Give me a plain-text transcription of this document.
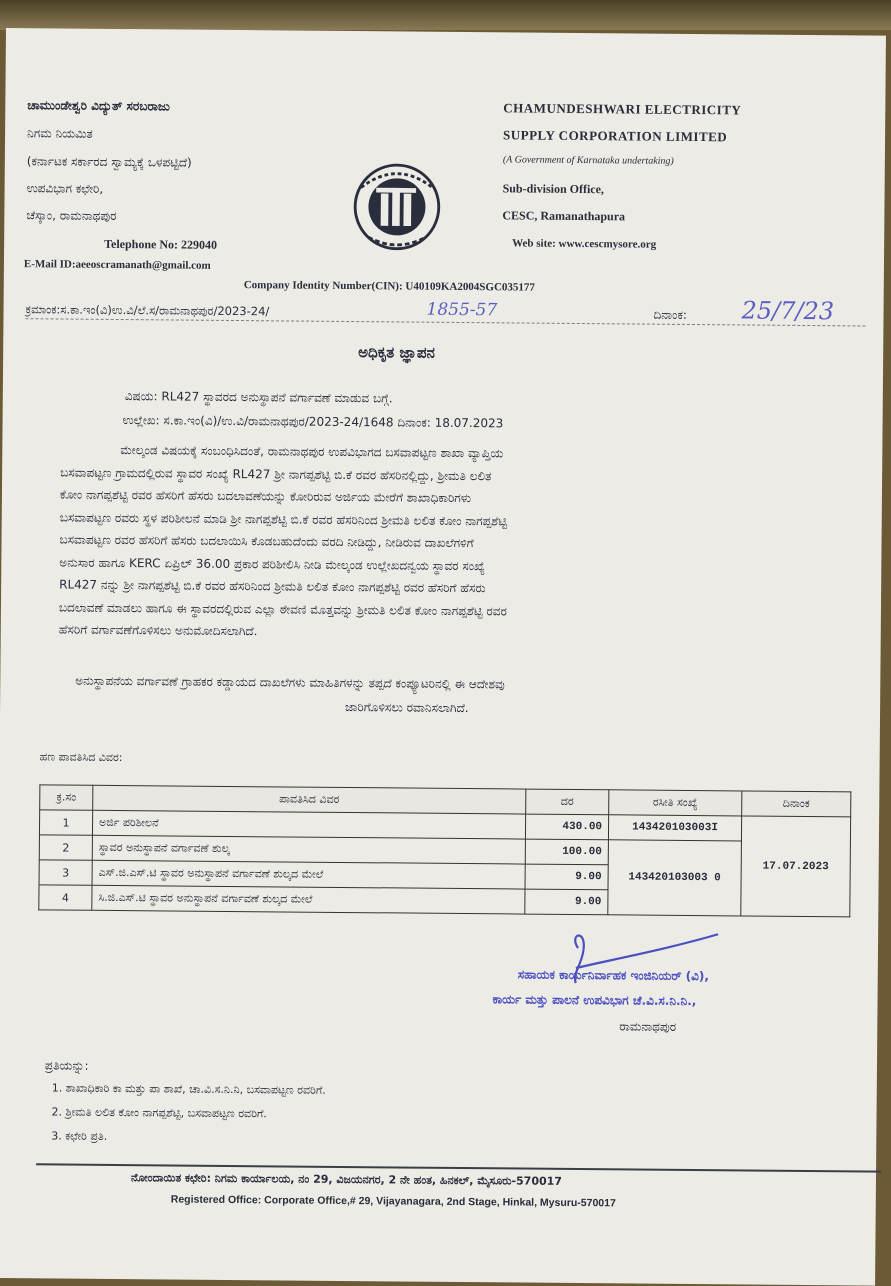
ಚಾಮುಂಡೇಶ್ವರಿ ವಿದ್ಯುತ್ ಸರಬರಾಜು
ನಿಗಮ ನಿಯಮಿತ
(ಕರ್ನಾಟಕ ಸರ್ಕಾರದ ಸ್ವಾಮ್ಯಕ್ಕೆ ಒಳಪಟ್ಟಿದೆ)
ಉಪವಿಭಾಗ ಕಛೇರಿ,
ಚೆಸ್ಕಾಂ, ರಾಮನಾಥಪುರ
Telephone No: 229040
E-Mail ID:aeeoscramanath@gmail.com
CHAMUNDESHWARI ELECTRICITY
SUPPLY CORPORATION LIMITED
(A Government of Karnataka undertaking)
Sub-division Office,
CESC, Ramanathapura
Web site: www.cescmysore.org
Company Identity Number(CIN): U40109KA2004SGC035177
ಕ್ರಮಾಂಕ:ಸ.ಕಾ.ಇಂ(ವಿ)ಉ.ವಿ/ಲೆ.ಸ/ರಾಮನಾಥಪುರ/2023-24/	1855-57	ದಿನಾಂಕ: 25/7/23
ಅಧಿಕೃತ ಜ್ಞಾಪನ
ವಿಷಯ: RL427 ಸ್ಥಾವರದ ಅನುಸ್ಥಾಪನೆ ವರ್ಗಾವಣೆ ಮಾಡುವ ಬಗ್ಗೆ.
ಉಲ್ಲೇಖ: ಸ.ಕಾ.ಇಂ(ವಿ)/ಉ.ವಿ/ರಾಮನಾಥಪುರ/2023-24/1648 ದಿನಾಂಕ: 18.07.2023
ಮೇಲ್ಕಂಡ ವಿಷಯಕ್ಕೆ ಸಂಬಂಧಿಸಿದಂತೆ, ರಾಮನಾಥಪುರ ಉಪವಿಭಾಗದ ಬಸವಾಪಟ್ಟಣ ಶಾಖಾ ವ್ಯಾಪ್ತಿಯ
ಬಸವಾಪಟ್ಟಣ ಗ್ರಾಮದಲ್ಲಿರುವ ಸ್ಥಾವರ ಸಂಖ್ಯೆ RL427 ಶ್ರೀ ನಾಗಪ್ಪಶೆಟ್ಟಿ ಬಿ.ಕೆ ರವರ ಹೆಸರಿನಲ್ಲಿದ್ದು, ಶ್ರೀಮತಿ ಲಲಿತ
ಕೋಂ ನಾಗಪ್ಪಶೆಟ್ಟಿ ರವರ ಹೆಸರಿಗೆ ಹೆಸರು ಬದಲಾವಣೆಯನ್ನು ಕೋರಿರುವ ಅರ್ಜಿಯ ಮೇರೆಗೆ ಶಾಖಾಧಿಕಾರಿಗಳು
ಬಸವಾಪಟ್ಟಣ ರವರು ಸ್ಥಳ ಪರಿಶೀಲನೆ ಮಾಡಿ ಶ್ರೀ ನಾಗಪ್ಪಶೆಟ್ಟಿ ಬಿ.ಕೆ ರವರ ಹೆಸರಿನಿಂದ ಶ್ರೀಮತಿ ಲಲಿತ ಕೋಂ ನಾಗಪ್ಪಶೆಟ್ಟಿ
ಬಸವಾಪಟ್ಟಣ ರವರ ಹೆಸರಿಗೆ ಹೆಸರು ಬದಲಾಯಿಸಿ ಕೊಡಬಹುದೆಂದು ವರದಿ ನೀಡಿದ್ದು, ನೀಡಿರುವ ದಾಖಲೆಗಳಿಗೆ
ಅನುಸಾರ ಹಾಗೂ KERC ಏಪ್ರಿಲ್ 36.00 ಪ್ರಕಾರ ಪರಿಶೀಲಿಸಿ ನೀಡಿ ಮೇಲ್ಕಂಡ ಉಲ್ಲೇಖದನ್ವಯ ಸ್ಥಾವರ ಸಂಖ್ಯೆ
RL427 ನನ್ನು ಶ್ರೀ ನಾಗಪ್ಪಶೆಟ್ಟಿ ಬಿ.ಕೆ ರವರ ಹೆಸರಿನಿಂದ ಶ್ರೀಮತಿ ಲಲಿತ ಕೋಂ ನಾಗಪ್ಪಶೆಟ್ಟಿ ರವರ ಹೆಸರಿಗೆ ಹೆಸರು
ಬದಲಾವಣೆ ಮಾಡಲು ಹಾಗೂ ಈ ಸ್ಥಾವರದಲ್ಲಿರುವ ಎಲ್ಲಾ ಠೇವಣಿ ಮೊತ್ತವನ್ನು ಶ್ರೀಮತಿ ಲಲಿತ ಕೋಂ ನಾಗಪ್ಪಶೆಟ್ಟಿ ರವರ
ಹೆಸರಿಗೆ ವರ್ಗಾವಣೆಗೊಳಿಸಲು ಅನುಮೋದಿಸಲಾಗಿದೆ.
ಅನುಸ್ಥಾಪನೆಯ ವರ್ಗಾವಣೆ ಗ್ರಾಹಕರ ಕಡ್ಡಾಯದ ದಾಖಲೆಗಳು ಮಾಹಿತಿಗಳನ್ನು ತಪ್ಪದೆ ಕಂಪ್ಯೂಟರಿನಲ್ಲಿ ಈ ಆದೇಶವು
ಜಾರಿಗೊಳಿಸಲು ರವಾನಿಸಲಾಗಿದೆ.
ಹಣ ಪಾವತಿಸಿದ ವಿವರ:
ಕ್ರ.ಸಂ	ಪಾವತಿಸಿದ ವಿವರ	ದರ	ರಸೀತಿ ಸಂಖ್ಯೆ	ದಿನಾಂಕ
1	ಅರ್ಜಿ ಪರಿಶೀಲನೆ	430.00	143420103003I	17.07.2023
2	ಸ್ಥಾವರ ಅನುಸ್ಥಾಪನೆ ವರ್ಗಾವಣೆ ಶುಲ್ಕ	100.00	143420103003 0	
3	ಎಸ್.ಜಿ.ಎಸ್.ಟಿ ಸ್ಥಾವರ ಅನುಸ್ಥಾಪನೆ ವರ್ಗಾವಣೆ ಶುಲ್ಕದ ಮೇಲೆ	9.00		
4	ಸಿ.ಜಿ.ಎಸ್.ಟಿ ಸ್ಥಾವರ ಅನುಸ್ಥಾಪನೆ ವರ್ಗಾವಣೆ ಶುಲ್ಕದ ಮೇಲೆ	9.00		
ಸಹಾಯಕ ಕಾರ್ಯನಿರ್ವಾಹಕ ಇಂಜಿನಿಯರ್ (ವಿ),
ಕಾರ್ಯ ಮತ್ತು ಪಾಲನೆ ಉಪವಿಭಾಗ ಚೆ.ವಿ.ಸ.ನಿ.ನಿ.,
ರಾಮನಾಥಪುರ
ಪ್ರತಿಯನ್ನು:
1. ಶಾಖಾಧಿಕಾರಿ ಕಾ ಮತ್ತು ಪಾ ಶಾಖೆ, ಚಾ.ವಿ.ಸ.ನಿ.ನಿ, ಬಸವಾಪಟ್ಟಣ ರವರಿಗೆ.
2. ಶ್ರೀಮತಿ ಲಲಿತ ಕೋಂ ನಾಗಪ್ಪಶೆಟ್ಟಿ, ಬಸವಾಪಟ್ಟಣ ರವರಿಗೆ.
3. ಕಛೇರಿ ಪ್ರತಿ.
ನೋಂದಾಯಿತ ಕಛೇರಿ: ನಿಗಮ ಕಾರ್ಯಾಲಯ, ನಂ 29, ವಿಜಯನಗರ, 2 ನೇ ಹಂತ, ಹಿನಕಲ್, ಮೈಸೂರು-570017
Registered Office: Corporate Office,# 29, Vijayanagara, 2nd Stage, Hinkal, Mysuru-570017
